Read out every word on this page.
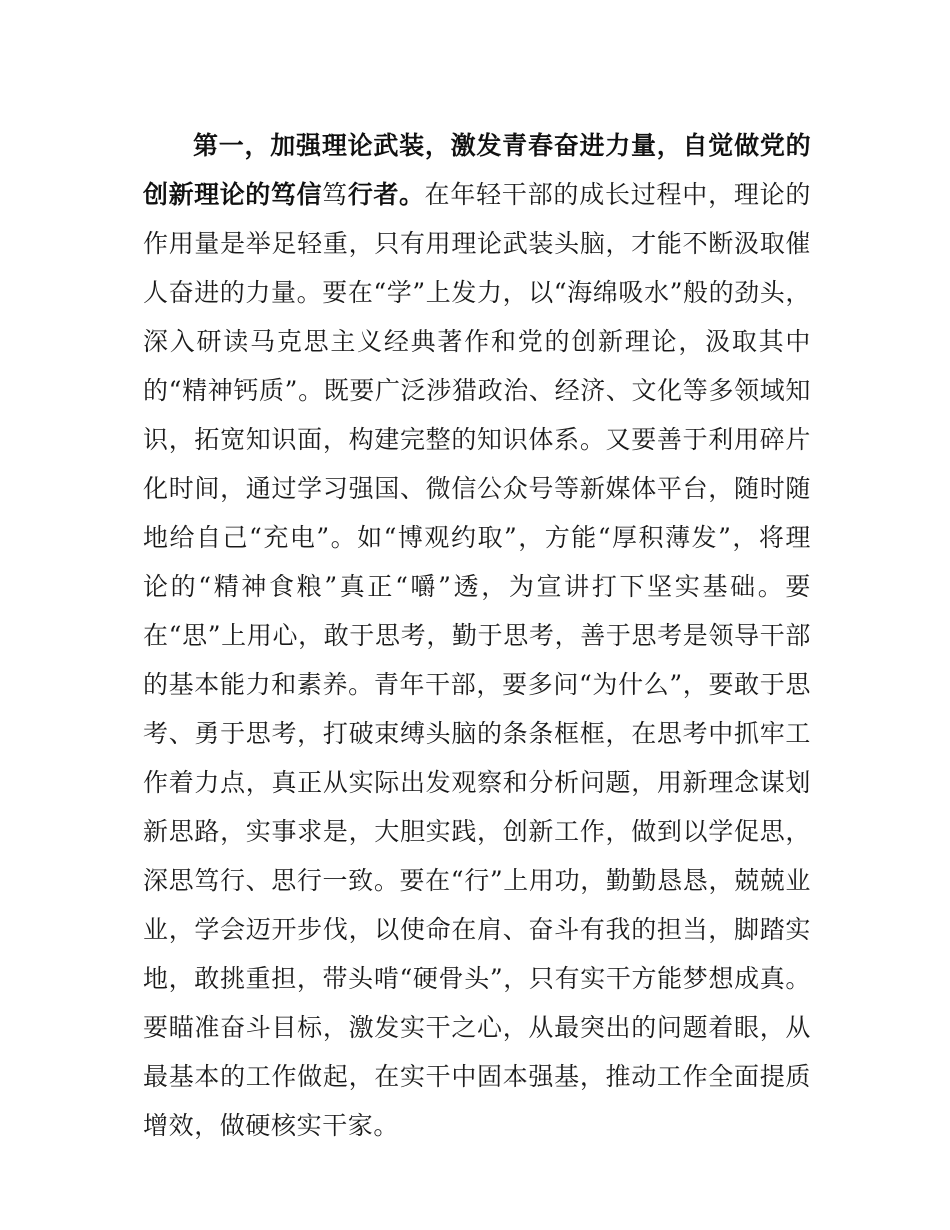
第一，加强理论武装，激发青春奋进力量，自觉做党的创新理论的笃信笃行者。在年轻干部的成长过程中，理论的作用量是举足轻重，只有用理论武装头脑，才能不断汲取催人奋进的力量。要在“学”上发力，以“海绵吸水”般的劲头，深入研读马克思主义经典著作和党的创新理论，汲取其中的“精神钙质”。既要广泛涉猎政治、经济、文化等多领域知识，拓宽知识面，构建完整的知识体系。又要善于利用碎片化时间，通过学习强国、微信公众号等新媒体平台，随时随地给自己“充电”。如“博观约取”，方能“厚积薄发”，将理论的“精神食粮”真正“嚼”透，为宣讲打下坚实基础。要在“思”上用心，敢于思考，勤于思考，善于思考是领导干部的基本能力和素养。青年干部，要多问“为什么”，要敢于思考、勇于思考，打破束缚头脑的条条框框，在思考中抓牢工作着力点，真正从实际出发观察和分析问题，用新理念谋划新思路，实事求是，大胆实践，创新工作，做到以学促思，深思笃行、思行一致。要在“行”上用功，勤勤恳恳，兢兢业业，学会迈开步伐，以使命在肩、奋斗有我的担当，脚踏实地，敢挑重担，带头啃“硬骨头”，只有实干方能梦想成真。要瞄准奋斗目标，激发实干之心，从最突出的问题着眼，从最基本的工作做起，在实干中固本强基，推动工作全面提质增效，做硬核实干家。
